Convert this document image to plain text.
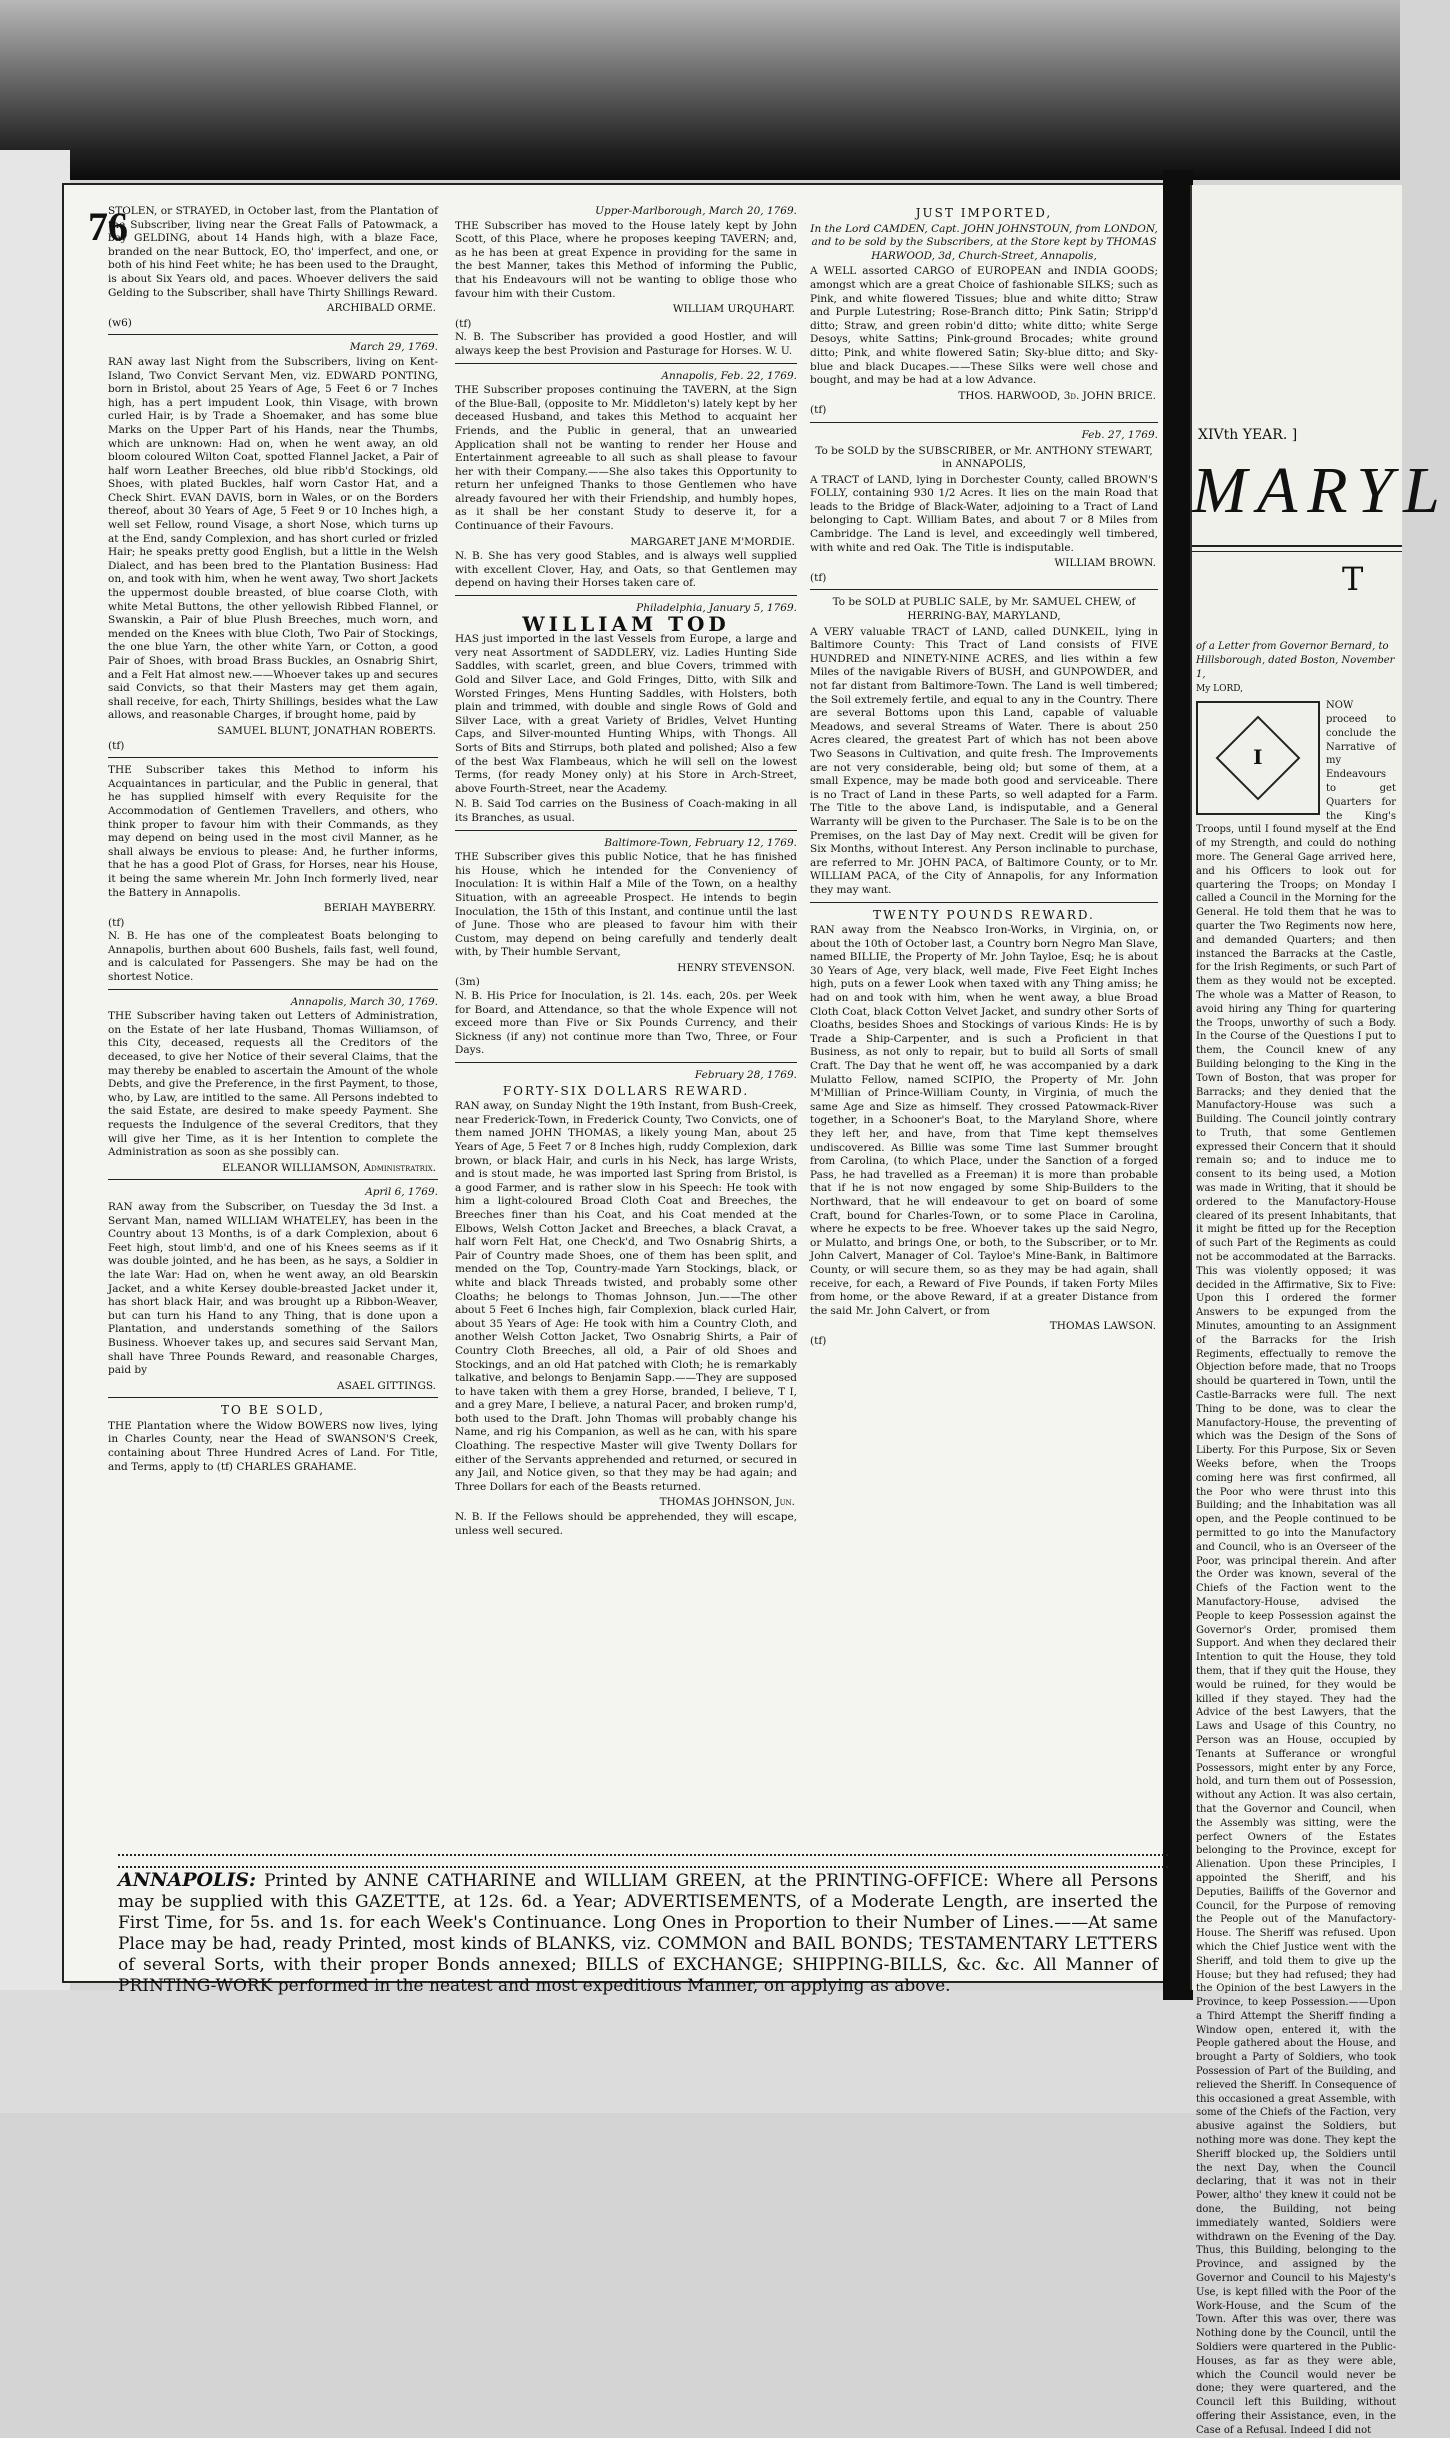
76

STOLEN, or STRAYED, in October last, from the Plantation of the Subscriber, living near the Great Falls of Patowmack, a bay GELDING, about 14 Hands high, with a blaze Face, branded on the near Buttock, EO, tho' imperfect, and one, or both of his hind Feet white; he has been used to the Draught, is about Six Years old, and paces. Whoever delivers the said Gelding to the Subscriber, shall have Thirty Shillings Reward.

ARCHIBALD ORME.
(w6)
March 29, 1769.

RAN away last Night from the Subscribers, living on Kent-Island, Two Convict Servant Men, viz. EDWARD PONTING, born in Bristol, about 25 Years of Age, 5 Feet 6 or 7 Inches high, has a pert impudent Look, thin Visage, with brown curled Hair, is by Trade a Shoemaker, and has some blue Marks on the Upper Part of his Hands, near the Thumbs, which are unknown: Had on, when he went away, an old bloom coloured Wilton Coat, spotted Flannel Jacket, a Pair of half worn Leather Breeches, old blue ribb'd Stockings, old Shoes, with plated Buckles, half worn Castor Hat, and a Check Shirt. EVAN DAVIS, born in Wales, or on the Borders thereof, about 30 Years of Age, 5 Feet 9 or 10 Inches high, a well set Fellow, round Visage, a short Nose, which turns up at the End, sandy Complexion, and has short curled or frizled Hair; he speaks pretty good English, but a little in the Welsh Dialect, and has been bred to the Plantation Business: Had on, and took with him, when he went away, Two short Jackets the uppermost double breasted, of blue coarse Cloth, with white Metal Buttons, the other yellowish Ribbed Flannel, or Swanskin, a Pair of blue Plush Breeches, much worn, and mended on the Knees with blue Cloth, Two Pair of Stockings, the one blue Yarn, the other white Yarn, or Cotton, a good Pair of Shoes, with broad Brass Buckles, an Osnabrig Shirt, and a Felt Hat almost new.——Whoever takes up and secures said Convicts, so that their Masters may get them again, shall receive, for each, Thirty Shillings, besides what the Law allows, and reasonable Charges, if brought home, paid by

SAMUEL BLUNT, JONATHAN ROBERTS.
(tf)

THE Subscriber takes this Method to inform his Acquaintances in particular, and the Public in general, that he has supplied himself with every Requisite for the Accommodation of Gentlemen Travellers, and others, who think proper to favour him with their Commands, as they may depend on being used in the most civil Manner, as he shall always be envious to please: And, he further informs, that he has a good Plot of Grass, for Horses, near his House, it being the same wherein Mr. John Inch formerly lived, near the Battery in Annapolis.

BERIAH MAYBERRY.
(tf)

N. B. He has one of the compleatest Boats belonging to Annapolis, burthen about 600 Bushels, fails fast, well found, and is calculated for Passengers. She may be had on the shortest Notice.

Annapolis, March 30, 1769.

THE Subscriber having taken out Letters of Administration, on the Estate of her late Husband, Thomas Williamson, of this City, deceased, requests all the Creditors of the deceased, to give her Notice of their several Claims, that the may thereby be enabled to ascertain the Amount of the whole Debts, and give the Preference, in the first Payment, to those, who, by Law, are intitled to the same. All Persons indebted to the said Estate, are desired to make speedy Payment. She requests the Indulgence of the several Creditors, that they will give her Time, as it is her Intention to complete the Administration as soon as she possibly can.

ELEANOR WILLIAMSON, Administratrix.
April 6, 1769.

RAN away from the Subscriber, on Tuesday the 3d Inst. a Servant Man, named WILLIAM WHATELEY, has been in the Country about 13 Months, is of a dark Complexion, about 6 Feet high, stout limb'd, and one of his Knees seems as if it was double jointed, and he has been, as he says, a Soldier in the late War: Had on, when he went away, an old Bearskin Jacket, and a white Kersey double-breasted Jacket under it, has short black Hair, and was brought up a Ribbon-Weaver, but can turn his Hand to any Thing, that is done upon a Plantation, and understands something of the Sailors Business. Whoever takes up, and secures said Servant Man, shall have Three Pounds Reward, and reasonable Charges, paid by

ASAEL GITTINGS.
TO BE SOLD,

THE Plantation where the Widow BOWERS now lives, lying in Charles County, near the Head of SWANSON'S Creek, containing about Three Hundred Acres of Land. For Title, and Terms, apply to (tf) CHARLES GRAHAME.

Upper-Marlborough, March 20, 1769.

THE Subscriber has moved to the House lately kept by John Scott, of this Place, where he proposes keeping TAVERN; and, as he has been at great Expence in providing for the same in the best Manner, takes this Method of informing the Public, that his Endeavours will not be wanting to oblige those who favour him with their Custom.

WILLIAM URQUHART.
(tf)

N. B. The Subscriber has provided a good Hostler, and will always keep the best Provision and Pasturage for Horses. W. U.

Annapolis, Feb. 22, 1769.

THE Subscriber proposes continuing the TAVERN, at the Sign of the Blue-Ball, (opposite to Mr. Middleton's) lately kept by her deceased Husband, and takes this Method to acquaint her Friends, and the Public in general, that an unwearied Application shall not be wanting to render her House and Entertainment agreeable to all such as shall please to favour her with their Company.——She also takes this Opportunity to return her unfeigned Thanks to those Gentlemen who have already favoured her with their Friendship, and humbly hopes, as it shall be her constant Study to deserve it, for a Continuance of their Favours.

MARGARET JANE M'MORDIE.

N. B. She has very good Stables, and is always well supplied with excellent Clover, Hay, and Oats, so that Gentlemen may depend on having their Horses taken care of.

Philadelphia, January 5, 1769.
WILLIAM TOD

HAS just imported in the last Vessels from Europe, a large and very neat Assortment of SADDLERY, viz. Ladies Hunting Side Saddles, with scarlet, green, and blue Covers, trimmed with Gold and Silver Lace, and Gold Fringes, Ditto, with Silk and Worsted Fringes, Mens Hunting Saddles, with Holsters, both plain and trimmed, with double and single Rows of Gold and Silver Lace, with a great Variety of Bridles, Velvet Hunting Caps, and Silver-mounted Hunting Whips, with Thongs. All Sorts of Bits and Stirrups, both plated and polished; Also a few of the best Wax Flambeaus, which he will sell on the lowest Terms, (for ready Money only) at his Store in Arch-Street, above Fourth-Street, near the Academy.

N. B. Said Tod carries on the Business of Coach-making in all its Branches, as usual.

Baltimore-Town, February 12, 1769.

THE Subscriber gives this public Notice, that he has finished his House, which he intended for the Conveniency of Inoculation: It is within Half a Mile of the Town, on a healthy Situation, with an agreeable Prospect. He intends to begin Inoculation, the 15th of this Instant, and continue until the last of June. Those who are pleased to favour him with their Custom, may depend on being carefully and tenderly dealt with, by Their humble Servant,

HENRY STEVENSON.
(3m)

N. B. His Price for Inoculation, is 2l. 14s. each, 20s. per Week for Board, and Attendance, so that the whole Expence will not exceed more than Five or Six Pounds Currency, and their Sickness (if any) not continue more than Two, Three, or Four Days.

February 28, 1769.
FORTY-SIX DOLLARS REWARD.

RAN away, on Sunday Night the 19th Instant, from Bush-Creek, near Frederick-Town, in Frederick County, Two Convicts, one of them named JOHN THOMAS, a likely young Man, about 25 Years of Age, 5 Feet 7 or 8 Inches high, ruddy Complexion, dark brown, or black Hair, and curls in his Neck, has large Wrists, and is stout made, he was imported last Spring from Bristol, is a good Farmer, and is rather slow in his Speech: He took with him a light-coloured Broad Cloth Coat and Breeches, the Breeches finer than his Coat, and his Coat mended at the Elbows, Welsh Cotton Jacket and Breeches, a black Cravat, a half worn Felt Hat, one Check'd, and Two Osnabrig Shirts, a Pair of Country made Shoes, one of them has been split, and mended on the Top, Country-made Yarn Stockings, black, or white and black Threads twisted, and probably some other Cloaths; he belongs to Thomas Johnson, Jun.——The other about 5 Feet 6 Inches high, fair Complexion, black curled Hair, about 35 Years of Age: He took with him a Country Cloth, and another Welsh Cotton Jacket, Two Osnabrig Shirts, a Pair of Country Cloth Breeches, all old, a Pair of old Shoes and Stockings, and an old Hat patched with Cloth; he is remarkably talkative, and belongs to Benjamin Sapp.——They are supposed to have taken with them a grey Horse, branded, I believe, T I, and a grey Mare, I believe, a natural Pacer, and broken rump'd, both used to the Draft. John Thomas will probably change his Name, and rig his Companion, as well as he can, with his spare Cloathing. The respective Master will give Twenty Dollars for either of the Servants apprehended and returned, or secured in any Jail, and Notice given, so that they may be had again; and Three Dollars for each of the Beasts returned.

THOMAS JOHNSON, Jun.

N. B. If the Fellows should be apprehended, they will escape, unless well secured.

JUST IMPORTED,

In the Lord CAMDEN, Capt. JOHN JOHNSTOUN, from LONDON, and to be sold by the Subscribers, at the Store kept by THOMAS HARWOOD, 3d, Church-Street, Annapolis,

A WELL assorted CARGO of EUROPEAN and INDIA GOODS; amongst which are a great Choice of fashionable SILKS; such as Pink, and white flowered Tissues; blue and white ditto; Straw and Purple Lutestring; Rose-Branch ditto; Pink Satin; Stripp'd ditto; Straw, and green robin'd ditto; white ditto; white Serge Desoys, white Sattins; Pink-ground Brocades; white ground ditto; Pink, and white flowered Satin; Sky-blue ditto; and Sky-blue and black Ducapes.——These Silks were well chose and bought, and may be had at a low Advance.

THOS. HARWOOD, 3d. JOHN BRICE.
(tf)
Feb. 27, 1769.
To be SOLD by the SUBSCRIBER, or Mr. ANTHONY STEWART, in ANNAPOLIS,

A TRACT of LAND, lying in Dorchester County, called BROWN'S FOLLY, containing 930 1/2 Acres. It lies on the main Road that leads to the Bridge of Black-Water, adjoining to a Tract of Land belonging to Capt. William Bates, and about 7 or 8 Miles from Cambridge. The Land is level, and exceedingly well timbered, with white and red Oak. The Title is indisputable.

WILLIAM BROWN.
(tf)
To be SOLD at PUBLIC SALE, by Mr. SAMUEL CHEW, of HERRING-BAY, MARYLAND,

A VERY valuable TRACT of LAND, called DUNKEIL, lying in Baltimore County: This Tract of Land consists of FIVE HUNDRED and NINETY-NINE ACRES, and lies within a few Miles of the navigable Rivers of BUSH, and GUNPOWDER, and not far distant from Baltimore-Town. The Land is well timbered; the Soil extremely fertile, and equal to any in the Country. There are several Bottoms upon this Land, capable of valuable Meadows, and several Streams of Water. There is about 250 Acres cleared, the greatest Part of which has not been above Two Seasons in Cultivation, and quite fresh. The Improvements are not very considerable, being old; but some of them, at a small Expence, may be made both good and serviceable. There is no Tract of Land in these Parts, so well adapted for a Farm. The Title to the above Land, is indisputable, and a General Warranty will be given to the Purchaser. The Sale is to be on the Premises, on the last Day of May next. Credit will be given for Six Months, without Interest. Any Person inclinable to purchase, are referred to Mr. JOHN PACA, of Baltimore County, or to Mr. WILLIAM PACA, of the City of Annapolis, for any Information they may want.

TWENTY POUNDS REWARD.

RAN away from the Neabsco Iron-Works, in Virginia, on, or about the 10th of October last, a Country born Negro Man Slave, named BILLIE, the Property of Mr. John Tayloe, Esq; he is about 30 Years of Age, very black, well made, Five Feet Eight Inches high, puts on a fewer Look when taxed with any Thing amiss; he had on and took with him, when he went away, a blue Broad Cloth Coat, black Cotton Velvet Jacket, and sundry other Sorts of Cloaths, besides Shoes and Stockings of various Kinds: He is by Trade a Ship-Carpenter, and is such a Proficient in that Business, as not only to repair, but to build all Sorts of small Craft. The Day that he went off, he was accompanied by a dark Mulatto Fellow, named SCIPIO, the Property of Mr. John M'Millian of Prince-William County, in Virginia, of much the same Age and Size as himself. They crossed Patowmack-River together, in a Schooner's Boat, to the Maryland Shore, where they left her, and have, from that Time kept themselves undiscovered. As Billie was some Time last Summer brought from Carolina, (to which Place, under the Sanction of a forged Pass, he had travelled as a Freeman) it is more than probable that if he is not now engaged by some Ship-Builders to the Northward, that he will endeavour to get on board of some Craft, bound for Charles-Town, or to some Place in Carolina, where he expects to be free. Whoever takes up the said Negro, or Mulatto, and brings One, or both, to the Subscriber, or to Mr. John Calvert, Manager of Col. Tayloe's Mine-Bank, in Baltimore County, or will secure them, so as they may be had again, shall receive, for each, a Reward of Five Pounds, if taken Forty Miles from home, or the above Reward, if at a greater Distance from the said Mr. John Calvert, or from

THOMAS LAWSON.
(tf)
ANNAPOLIS: Printed by ANNE CATHARINE and WILLIAM GREEN, at the PRINTING-OFFICE: Where all Persons may be supplied with this GAZETTE, at 12s. 6d. a Year; ADVERTISEMENTS, of a Moderate Length, are inserted the First Time, for 5s. and 1s. for each Week's Continuance. Long Ones in Proportion to their Number of Lines.——At same Place may be had, ready Printed, most kinds of BLANKS, viz. COMMON and BAIL BONDS; TESTAMENTARY LETTERS of several Sorts, with their proper Bonds annexed; BILLS of EXCHANGE; SHIPPING-BILLS, &c. &c. All Manner of PRINTING-WORK performed in the neatest and most expeditious Manner, on applying as above.
XIVth YEAR. ]
MARYL
T

of a Letter from Governor Bernard, to Hillsborough, dated Boston, November 1,

My LORD,

I

NOW proceed to conclude the Narrative of my Endeavours to get Quarters for the King's Troops, until I found myself at the End of my Strength, and could do nothing more. The General Gage arrived here, and his Officers to look out for quartering the Troops; on Monday I called a Council in the Morning for the General. He told them that he was to quarter the Two Regiments now here, and demanded Quarters; and then instanced the Barracks at the Castle, for the Irish Regiments, or such Part of them as they would not be excepted. The whole was a Matter of Reason, to avoid hiring any Thing for quartering the Troops, unworthy of such a Body. In the Course of the Questions I put to them, the Council knew of any Building belonging to the King in the Town of Boston, that was proper for Barracks; and they denied that the Manufactory-House was such a Building. The Council jointly contrary to Truth, that some Gentlemen expressed their Concern that it should remain so; and to induce me to consent to its being used, a Motion was made in Writing, that it should be ordered to the Manufactory-House cleared of its present Inhabitants, that it might be fitted up for the Reception of such Part of the Regiments as could not be accommodated at the Barracks. This was violently opposed; it was decided in the Affirmative, Six to Five: Upon this I ordered the former Answers to be expunged from the Minutes, amounting to an Assignment of the Barracks for the Irish Regiments, effectually to remove the Objection before made, that no Troops should be quartered in Town, until the Castle-Barracks were full. The next Thing to be done, was to clear the Manufactory-House, the preventing of which was the Design of the Sons of Liberty. For this Purpose, Six or Seven Weeks before, when the Troops coming here was first confirmed, all the Poor who were thrust into this Building; and the Inhabitation was all open, and the People continued to be permitted to go into the Manufactory and Council, who is an Overseer of the Poor, was principal therein. And after the Order was known, several of the Chiefs of the Faction went to the Manufactory-House, advised the People to keep Possession against the Governor's Order, promised them Support. And when they declared their Intention to quit the House, they told them, that if they quit the House, they would be ruined, for they would be killed if they stayed. They had the Advice of the best Lawyers, that the Laws and Usage of this Country, no Person was an House, occupied by Tenants at Sufferance or wrongful Possessors, might enter by any Force, hold, and turn them out of Possession, without any Action. It was also certain, that the Governor and Council, when the Assembly was sitting, were the perfect Owners of the Estates belonging to the Province, except for Alienation. Upon these Principles, I appointed the Sheriff, and his Deputies, Bailiffs of the Governor and Council, for the Purpose of removing the People out of the Manufactory-House. The Sheriff was refused. Upon which the Chief Justice went with the Sheriff, and told them to give up the House; but they had refused; they had the Opinion of the best Lawyers in the Province, to keep Possession.——Upon a Third Attempt the Sheriff finding a Window open, entered it, with the People gathered about the House, and brought a Party of Soldiers, who took Possession of Part of the Building, and relieved the Sheriff. In Consequence of this occasioned a great Assemble, with some of the Chiefs of the Faction, very abusive against the Soldiers, but nothing more was done. They kept the Sheriff blocked up, the Soldiers until the next Day, when the Council declaring, that it was not in their Power, altho' they knew it could not be done, the Building, not being immediately wanted, Soldiers were withdrawn on the Evening of the Day. Thus, this Building, belonging to the Province, and assigned by the Governor and Council to his Majesty's Use, is kept filled with the Poor of the Work-House, and the Scum of the Town. After this was over, there was Nothing done by the Council, until the Soldiers were quartered in the Public-Houses, as far as they were able, which the Council would never be done; they were quartered, and the Council left this Building, without offering their Assistance, even, in the Case of a Refusal. Indeed I did not
